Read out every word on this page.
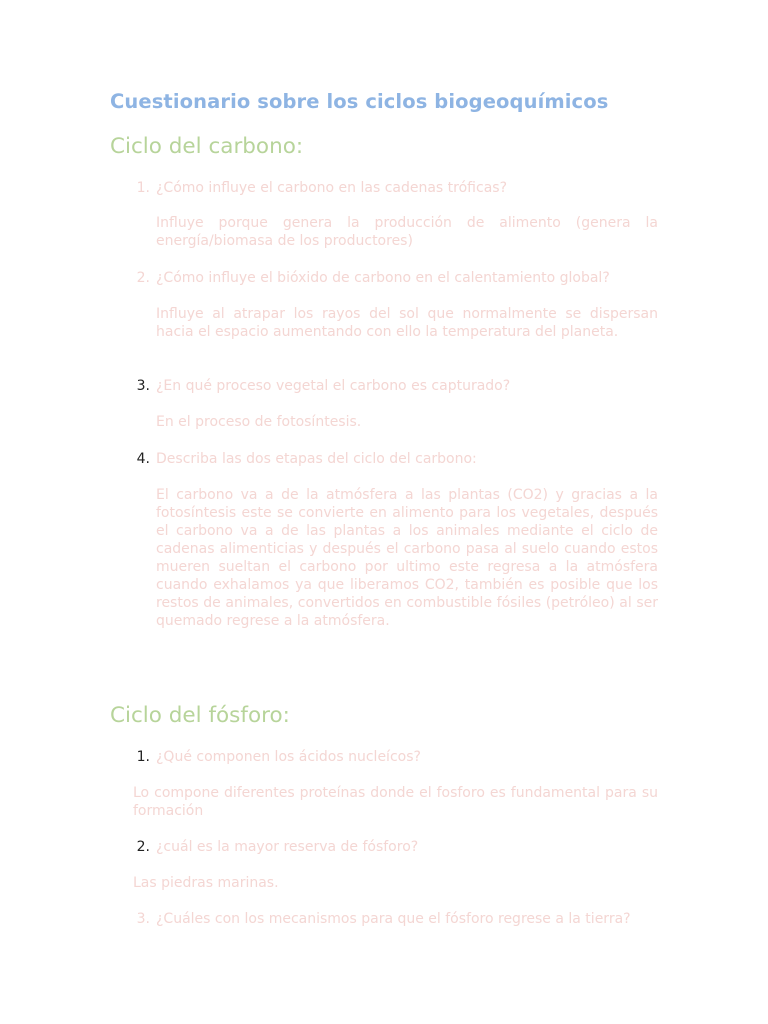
Cuestionario sobre los ciclos biogeoquímicos
Ciclo del carbono:
1. ¿Cómo influye el carbono en las cadenas tróficas?
Influye porque genera la producción de alimento (genera la energía/biomasa de los productores)
2. ¿Cómo influye el bióxido de carbono en el calentamiento global?
Influye al atrapar los rayos del sol que normalmente se dispersan hacia el espacio aumentando con ello la temperatura del planeta.
3. ¿En qué proceso vegetal el carbono es capturado?
En el proceso de fotosíntesis.
4. Describa las dos etapas del ciclo del carbono:
El carbono va a de la atmósfera a las plantas (CO2) y gracias a la fotosíntesis este se convierte en alimento para los vegetales, después el carbono va a de las plantas a los animales mediante el ciclo de cadenas alimenticias y después el carbono pasa al suelo cuando estos mueren sueltan el carbono por ultimo este regresa a la atmósfera cuando exhalamos ya que liberamos CO2, también es posible que los restos de animales, convertidos en combustible fósiles (petróleo) al ser quemado regrese a la atmósfera.
Ciclo del fósforo:
1. ¿Qué componen los ácidos nucleícos?
Lo compone diferentes proteínas donde el fosforo es fundamental para su formación
2. ¿cuál es la mayor reserva de fósforo?
Las piedras marinas.
3. ¿Cuáles con los mecanismos para que el fósforo regrese a la tierra?
